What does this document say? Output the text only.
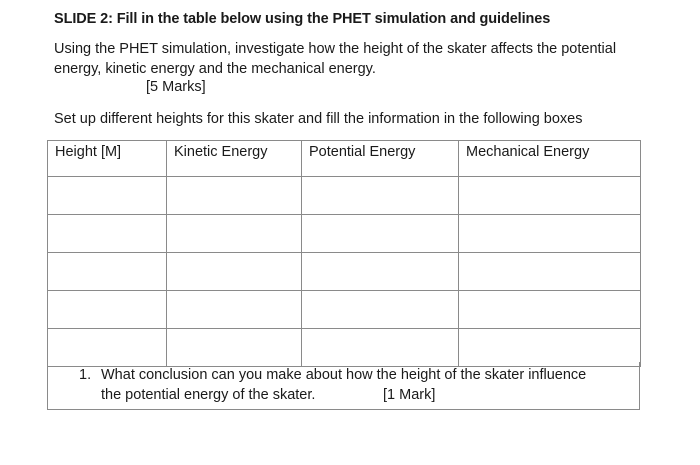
SLIDE 2: Fill in the table below using the PHET simulation and guidelines
Using the PHET simulation, investigate how the height of the skater affects the potential energy, kinetic energy and the mechanical energy.
[5 Marks]
Set up different heights for this skater and fill the information in the following boxes
Height [M]	Kinetic Energy	Potential Energy	Mechanical Energy

1. What conclusion can you make about how the height of the skater influence
the potential energy of the skater.	[1 Mark]
